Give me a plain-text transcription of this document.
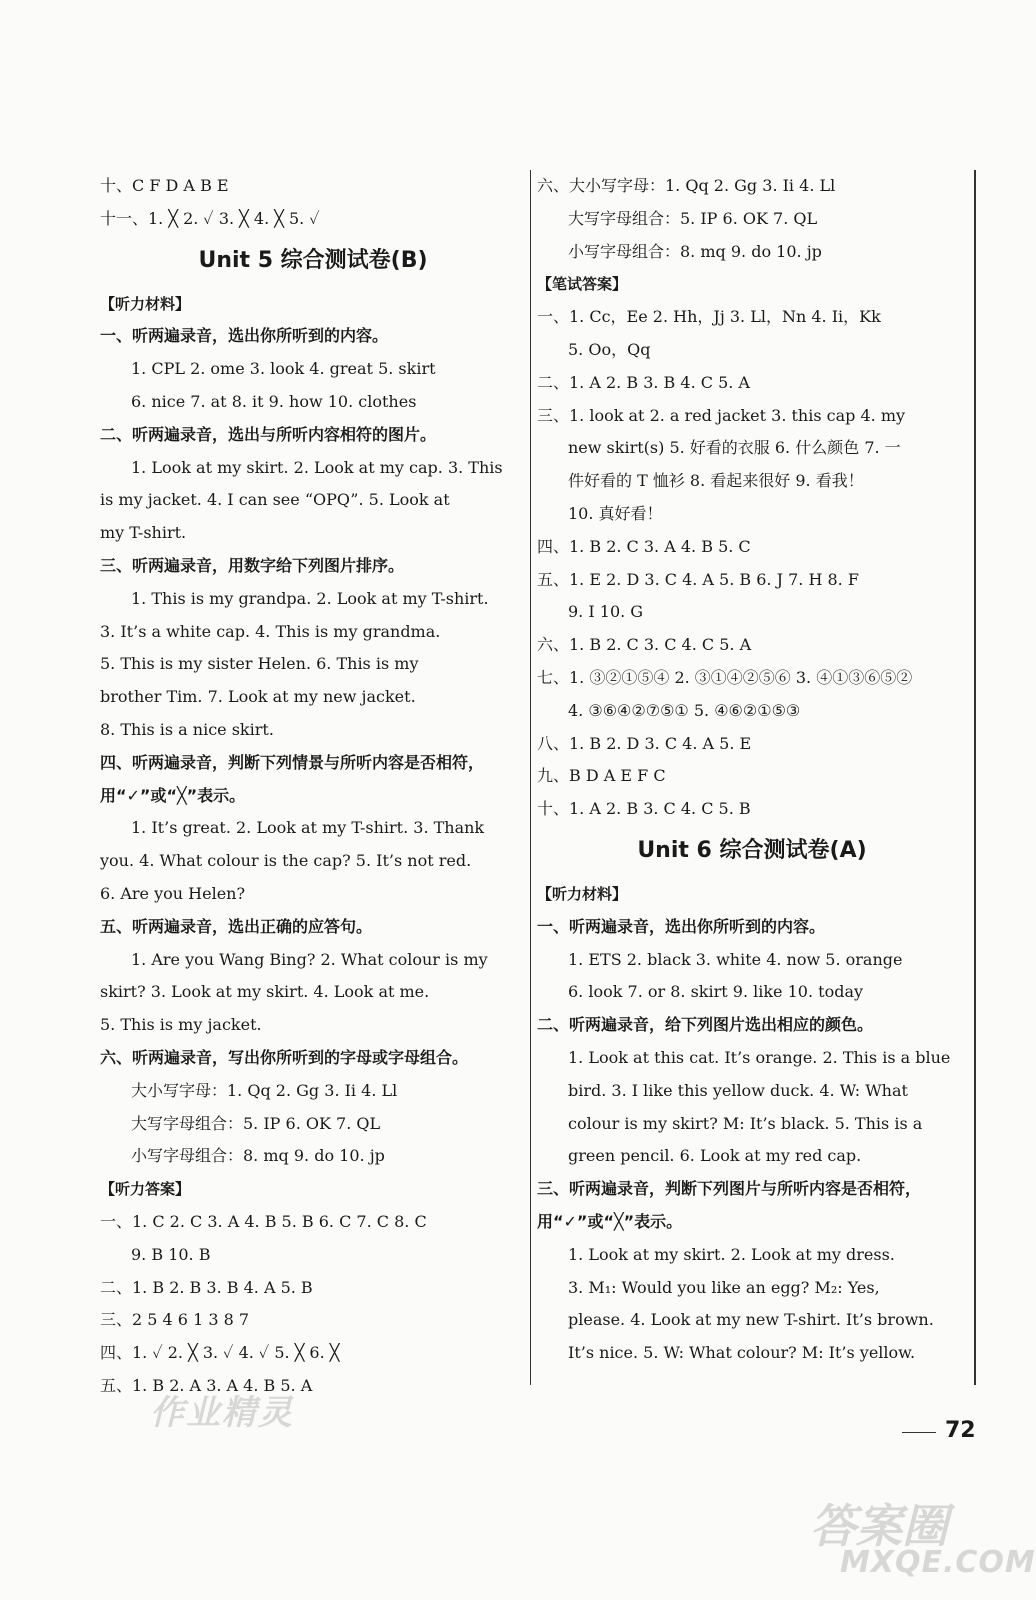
十、C F D A B E
十一、1. ╳ 2. ✓ 3. ╳ 4. ╳ 5. ✓
Unit 5 综合测试卷(B)
【听力材料】
一、听两遍录音，选出你所听到的内容。
1. CPL 2. ome 3. look 4. great 5. skirt
6. nice 7. at 8. it 9. how 10. clothes
二、听两遍录音，选出与所听内容相符的图片。
1. Look at my skirt. 2. Look at my cap. 3. This
is my jacket. 4. I can see “OPQ”. 5. Look at
my T-shirt.
三、听两遍录音，用数字给下列图片排序。
1. This is my grandpa. 2. Look at my T-shirt.
3. It’s a white cap. 4. This is my grandma.
5. This is my sister Helen. 6. This is my
brother Tim. 7. Look at my new jacket.
8. This is a nice skirt.
四、听两遍录音，判断下列情景与所听内容是否相符，
用“✓”或“╳”表示。
1. It’s great. 2. Look at my T-shirt. 3. Thank
you. 4. What colour is the cap? 5. It’s not red.
6. Are you Helen?
五、听两遍录音，选出正确的应答句。
1. Are you Wang Bing? 2. What colour is my
skirt? 3. Look at my skirt. 4. Look at me.
5. This is my jacket.
六、听两遍录音，写出你所听到的字母或字母组合。
大小写字母：1. Qq 2. Gg 3. Ii 4. Ll
大写字母组合：5. IP 6. OK 7. QL
小写字母组合：8. mq 9. do 10. jp
【听力答案】
一、1. C 2. C 3. A 4. B 5. B 6. C 7. C 8. C
9. B 10. B
二、1. B 2. B 3. B 4. A 5. B
三、2 5 4 6 1 3 8 7
四、1. ✓ 2. ╳ 3. ✓ 4. ✓ 5. ╳ 6. ╳
五、1. B 2. A 3. A 4. B 5. A
六、大小写字母：1. Qq 2. Gg 3. Ii 4. Ll
大写字母组合：5. IP 6. OK 7. QL
小写字母组合：8. mq 9. do 10. jp
【笔试答案】
一、1. Cc，Ee 2. Hh，Jj 3. Ll，Nn 4. Ii，Kk
5. Oo，Qq
二、1. A 2. B 3. B 4. C 5. A
三、1. look at 2. a red jacket 3. this cap 4. my
new skirt(s) 5. 好看的衣服 6. 什么颜色 7. 一
件好看的 T 恤衫 8. 看起来很好 9. 看我！
10. 真好看！
四、1. B 2. C 3. A 4. B 5. C
五、1. E 2. D 3. C 4. A 5. B 6. J 7. H 8. F
9. I 10. G
六、1. B 2. C 3. C 4. C 5. A
七、1. ③②①⑤④ 2. ③①④②⑤⑥ 3. ④①③⑥⑤②
4. ③⑥④②⑦⑤① 5. ④⑥②①⑤③
八、1. B 2. D 3. C 4. A 5. E
九、B D A E F C
十、1. A 2. B 3. C 4. C 5. B
Unit 6 综合测试卷(A)
【听力材料】
一、听两遍录音，选出你所听到的内容。
1. ETS 2. black 3. white 4. now 5. orange
6. look 7. or 8. skirt 9. like 10. today
二、听两遍录音，给下列图片选出相应的颜色。
1. Look at this cat. It’s orange. 2. This is a blue
bird. 3. I like this yellow duck. 4. W: What
colour is my skirt? M: It’s black. 5. This is a
green pencil. 6. Look at my red cap.
三、听两遍录音，判断下列图片与所听内容是否相符，
用“✓”或“╳”表示。
1. Look at my skirt. 2. Look at my dress.
3. M₁: Would you like an egg? M₂: Yes,
please. 4. Look at my new T-shirt. It’s brown.
It’s nice. 5. W: What colour? M: It’s yellow.
72
作业精灵
答案圈
MXQE.COM
